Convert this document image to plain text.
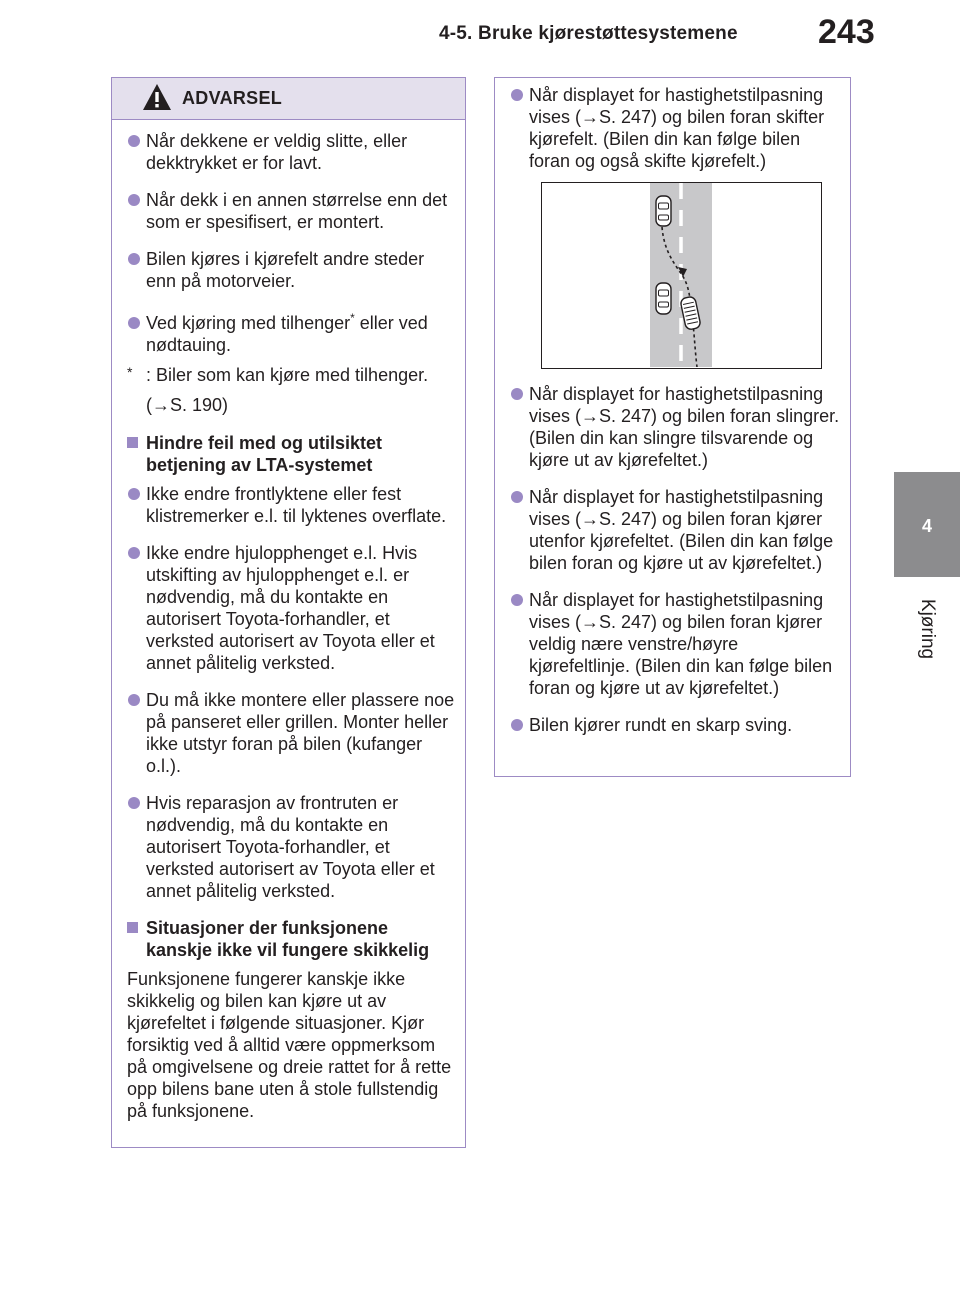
4-5. Bruke kjørestøttesystemene 243
4
Kjøring
ADVARSEL
Når dekkene er veldig slitte, eller dekktrykket er for lavt.
Når dekk i en annen størrelse enn det som er spesifisert, er montert.
Bilen kjøres i kjørefelt andre steder enn på motorveier.
Ved kjøring med tilhenger* eller ved nødtauing.
* : Biler som kan kjøre med tilhenger.
(→S. 190)
Hindre feil med og utilsiktet betjening av LTA-systemet
Ikke endre frontlyktene eller fest klistremerker e.l. til lyktenes overflate.
Ikke endre hjulopphenget e.l. Hvis utskifting av hjulopphenget e.l. er nødvendig, må du kontakte en autorisert Toyota-forhandler, et verksted autorisert av Toyota eller et annet pålitelig verksted.
Du må ikke montere eller plassere noe på panseret eller grillen. Monter heller ikke utstyr foran på bilen (kufanger o.l.).
Hvis reparasjon av frontruten er nødvendig, må du kontakte en autorisert Toyota-forhandler, et verksted autorisert av Toyota eller et annet pålitelig verksted.
Situasjoner der funksjonene kanskje ikke vil fungere skikkelig
Funksjonene fungerer kanskje ikke skikkelig og bilen kan kjøre ut av kjørefeltet i følgende situasjoner. Kjør forsiktig ved å alltid være oppmerksom på omgivelsene og dreie rattet for å rette opp bilens bane uten å stole fullstendig på funksjonene.
Når displayet for hastighetstilpasning vises (→S. 247) og bilen foran skifter kjørefelt. (Bilen din kan følge bilen foran og også skifte kjørefelt.)
Når displayet for hastighetstilpasning vises (→S. 247) og bilen foran slingrer. (Bilen din kan slingre tilsvarende og kjøre ut av kjørefeltet.)
Når displayet for hastighetstilpasning vises (→S. 247) og bilen foran kjører utenfor kjørefeltet. (Bilen din kan følge bilen foran og kjøre ut av kjørefeltet.)
Når displayet for hastighetstilpasning vises (→S. 247) og bilen foran kjører veldig nære venstre/høyre kjørefeltlinje. (Bilen din kan følge bilen foran og kjøre ut av kjørefeltet.)
Bilen kjører rundt en skarp sving.
